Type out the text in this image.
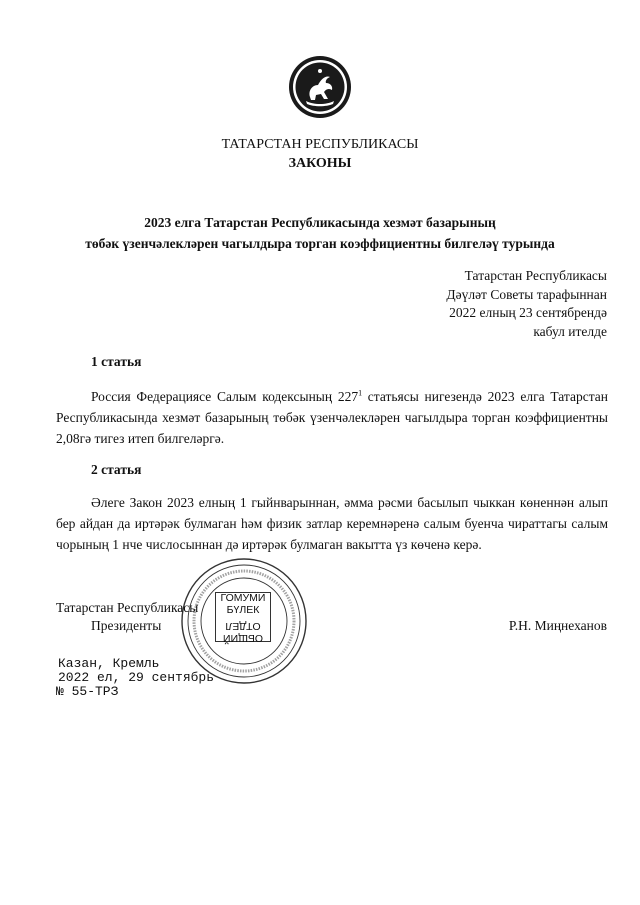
ТАТАРСТАН РЕСПУБЛИКАСЫ
ЗАКОНЫ
2023 елга Татарстан Республикасында хезмәт базарының
төбәк үзенчәлекләрен чагылдыра торган коэффициентны билгеләү турында
Татарстан Республикасы
Дәүләт Советы тарафыннан
2022 елның 23 сентябрендә
кабул ителде
1 статья
Россия Федерациясе Салым кодексының $227^1$ статьясы нигезендә 2023 елга Татарстан Республикасында хезмәт базарының төбәк үзенчәлекләрен чагылдыра торган коэффициентны 2,08гә тигез итеп билгеләргә.
2 статья
Әлеге Закон 2023 елның 1 гыйнварыннан, әмма рәсми басылып чыккан көненнән алып бер айдан да иртәрәк булмаган һәм физик затлар керемнәренә салым буенча чираттагы салым чорының 1 нче числосыннан дә иртәрәк булмаган вакытта үз көченә керә.
ГОМУМИ
БҮЛЕК
ОБЩИЙ
ОТДЕЛ
Татарстан Республикасы
Президенты	Р.Н. Миңнеханов
Казан, Кремль
2022 ел, 29 сентябрь
№ 55-ТРЗ
